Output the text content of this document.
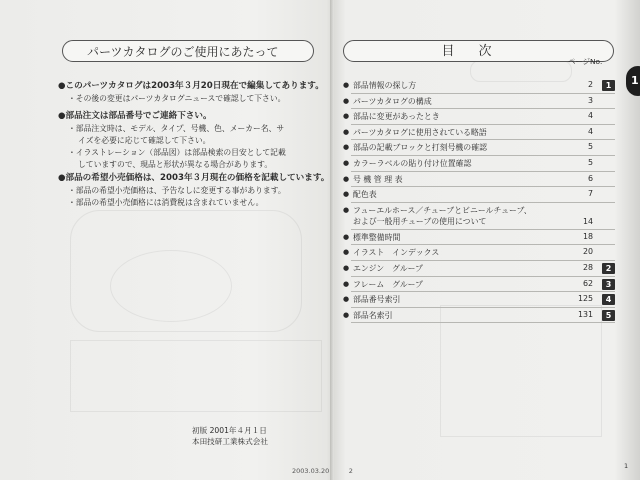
パーツカタログのご使用にあたって
●このパーツカタログは2003年３月20日現在で編集してあります。
・その後の変更はパーツカタログニュースで確認して下さい。
●部品注文は部品番号でご連絡下さい。
・部品注文時は、モデル、タイプ、号機、色、メーカー名、サ
イズを必要に応じて確認して下さい。
・イラストレーション（部品図）は部品検索の目安として記載
していますので、現品と形状が異なる場合があります。
●部品の希望小売価格は、2003年３月現在の価格を記載しています。
・部品の希望小売価格は、予告なしに変更する事があります。
・部品の希望小売価格には消費税は含まれていません。
初版 2001年４月１日
本田技研工業株式会社
2003.03.20　　　2
目次
ページNo.
● 部品情報の探し方	2	1
● パーツカタログの構成	3
● 部品に変更があったとき	4
● パーツカタログに使用されている略語	4
● 部品の記載ブロックと打刻号機の確認	5
● カラーラベルの貼り付け位置確認	5
● 号 機 管 理 表	6
● 配色表	7
● フューエルホース／チューブとビニールチューブ、
および一般用チューブの使用について	14
● 標準整備時間	18
● イラスト　インデックス	20
● エンジン　グループ	28	2
● フレーム　グループ	62	3
● 部品番号索引	125	4
● 部品名索引	131	5
1
1
